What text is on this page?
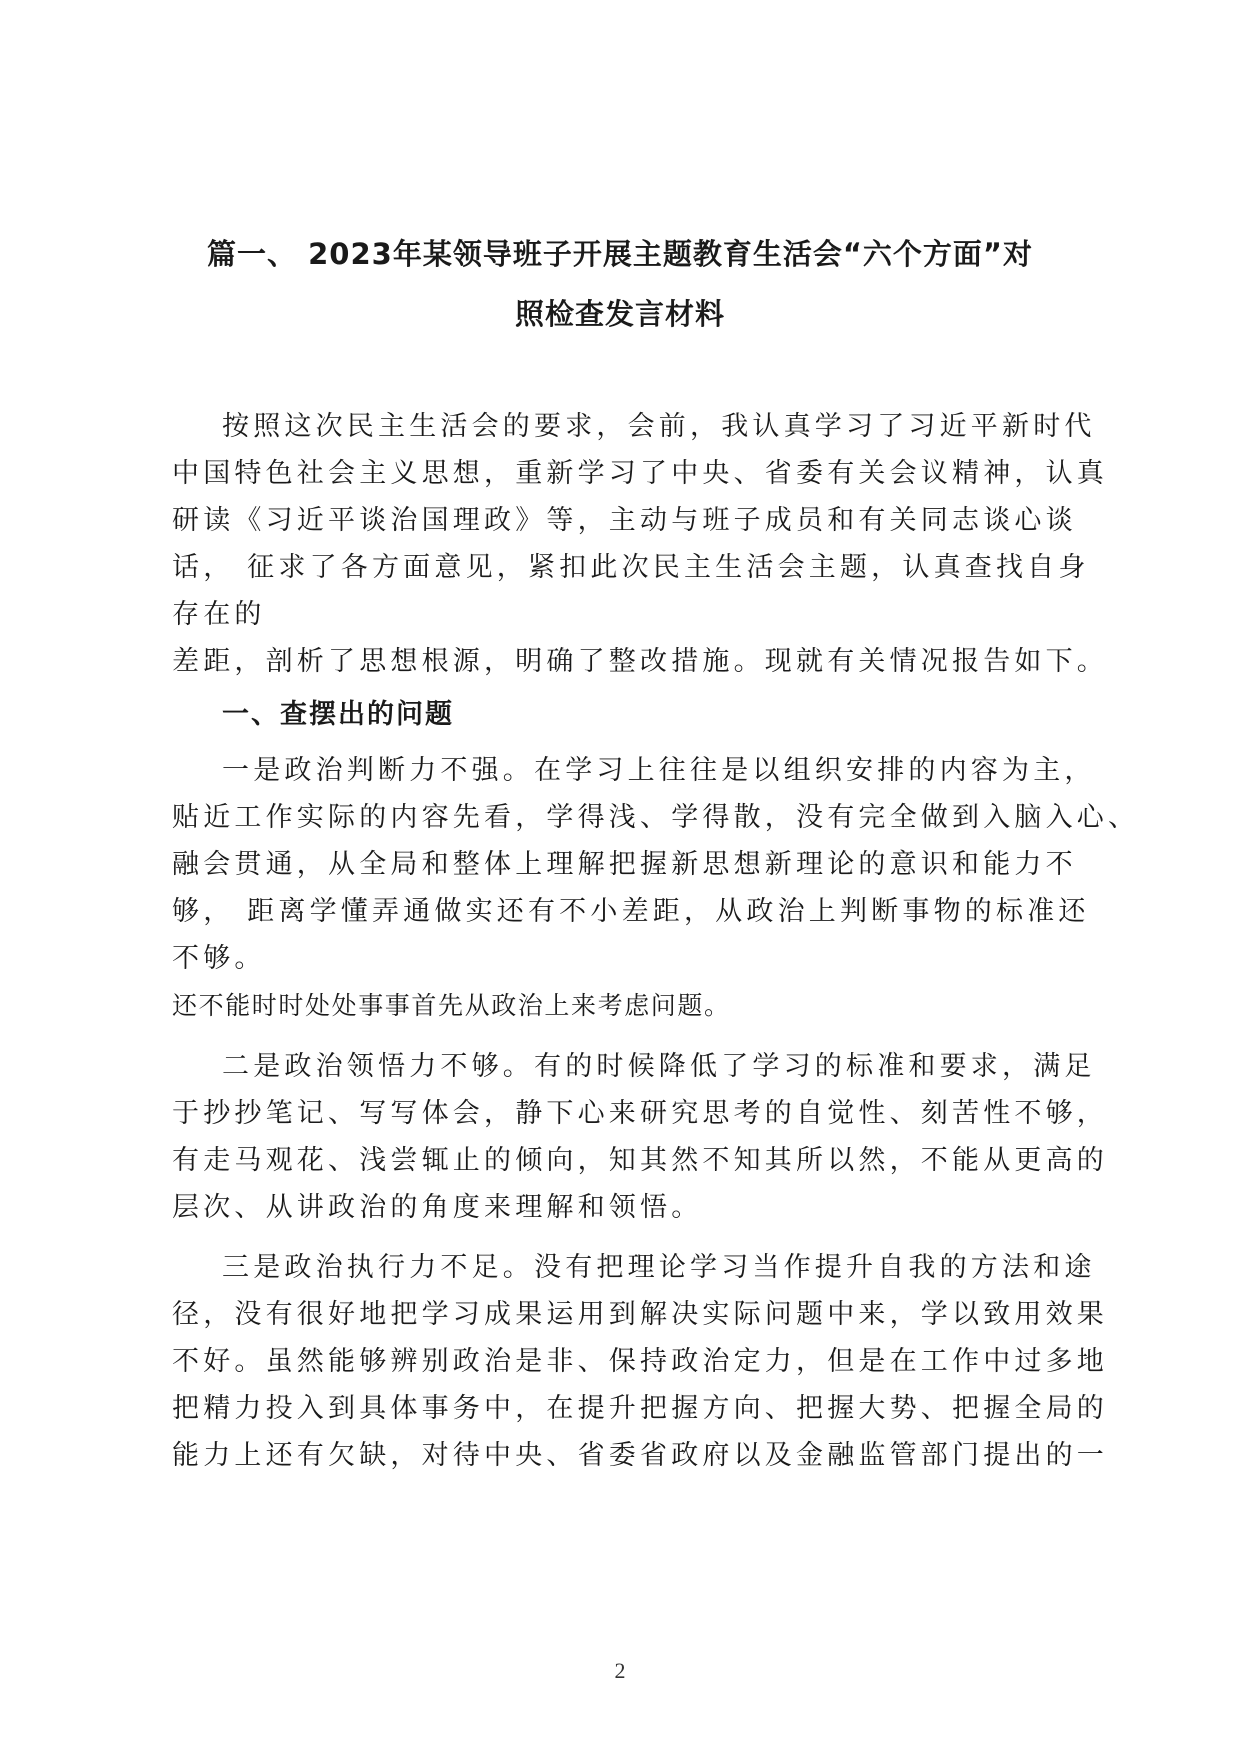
篇一、 2023年某领导班子开展主题教育生活会“六个方面”对
照检查发言材料
按照这次民主生活会的要求，会前，我认真学习了习近平新时代
中国特色社会主义思想，重新学习了中央、省委有关会议精神，认真
研读《习近平谈治国理政》等，主动与班子成员和有关同志谈心谈
话， 征求了各方面意见，紧扣此次民主生活会主题，认真查找自身
存在的
差距，剖析了思想根源，明确了整改措施。现就有关情况报告如下。
一、查摆出的问题
一是政治判断力不强。在学习上往往是以组织安排的内容为主，
贴近工作实际的内容先看，学得浅、学得散，没有完全做到入脑入心、
融会贯通，从全局和整体上理解把握新思想新理论的意识和能力不
够， 距离学懂弄通做实还有不小差距，从政治上判断事物的标准还
不够。
还不能时时处处事事首先从政治上来考虑问题。
二是政治领悟力不够。有的时候降低了学习的标准和要求，满足
于抄抄笔记、写写体会，静下心来研究思考的自觉性、刻苦性不够，
有走马观花、浅尝辄止的倾向，知其然不知其所以然，不能从更高的
层次、从讲政治的角度来理解和领悟。
三是政治执行力不足。没有把理论学习当作提升自我的方法和途
径，没有很好地把学习成果运用到解决实际问题中来，学以致用效果
不好。虽然能够辨别政治是非、保持政治定力，但是在工作中过多地
把精力投入到具体事务中，在提升把握方向、把握大势、把握全局的
能力上还有欠缺，对待中央、省委省政府以及金融监管部门提出的一
2
